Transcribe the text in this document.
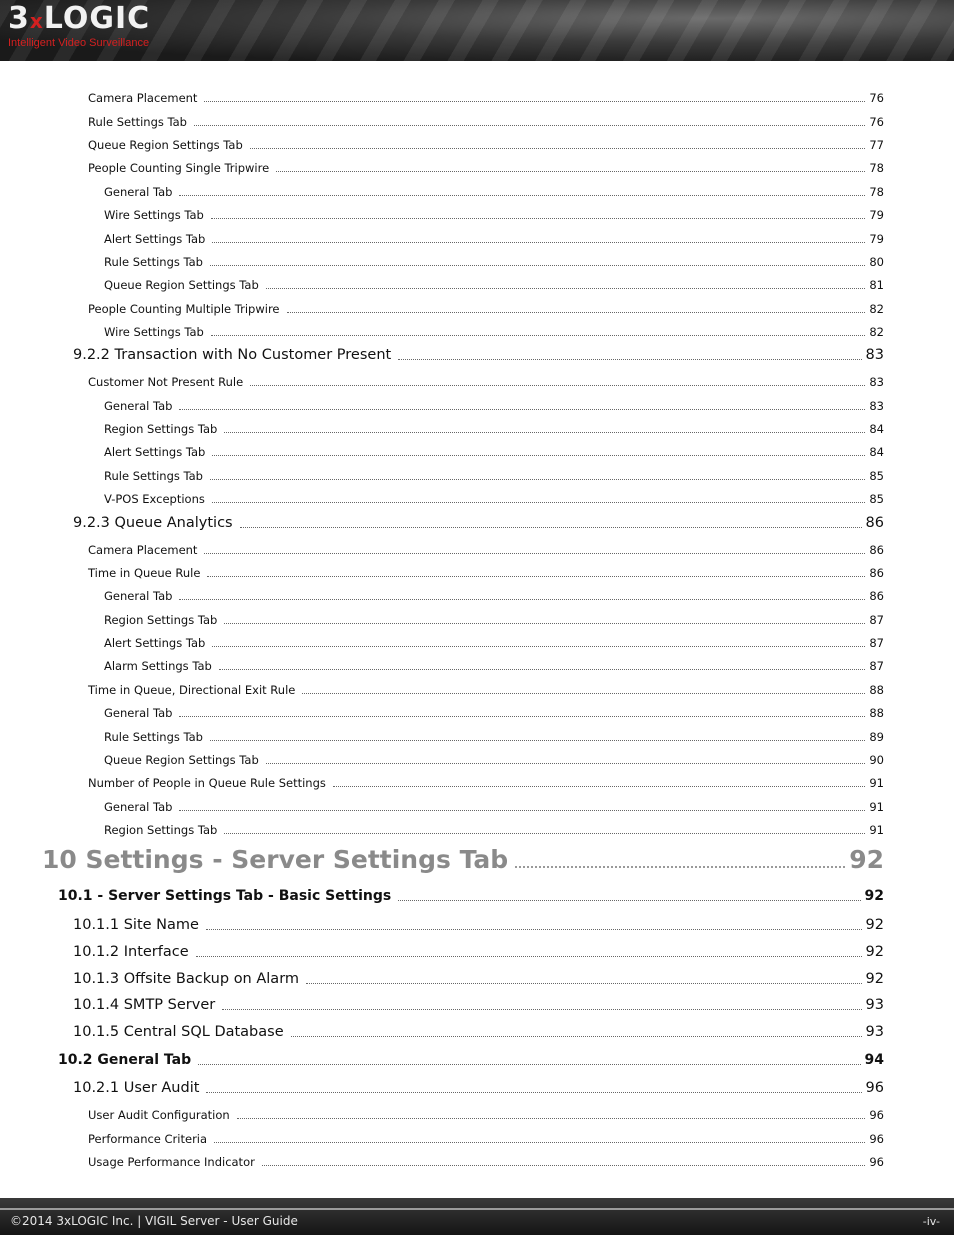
3xLOGIC
Intelligent Video Surveillance
Camera Placement	76
Rule Settings Tab	76
Queue Region Settings Tab	77
People Counting Single Tripwire	78
General Tab	78
Wire Settings Tab	79
Alert Settings Tab	79
Rule Settings Tab	80
Queue Region Settings Tab	81
People Counting Multiple Tripwire	82
Wire Settings Tab	82
9.2.2 Transaction with No Customer Present	83
Customer Not Present Rule	83
General Tab	83
Region Settings Tab	84
Alert Settings Tab	84
Rule Settings Tab	85
V-POS Exceptions	85
9.2.3 Queue Analytics	86
Camera Placement	86
Time in Queue Rule	86
General Tab	86
Region Settings Tab	87
Alert Settings Tab	87
Alarm Settings Tab	87
Time in Queue, Directional Exit Rule	88
General Tab	88
Rule Settings Tab	89
Queue Region Settings Tab	90
Number of People in Queue Rule Settings	91
General Tab	91
Region Settings Tab	91
10 Settings - Server Settings Tab	92
10.1 - Server Settings Tab - Basic Settings	92
10.1.1 Site Name	92
10.1.2 Interface	92
10.1.3 Offsite Backup on Alarm	92
10.1.4 SMTP Server	93
10.1.5 Central SQL Database	93
10.2 General Tab	94
10.2.1 User Audit	96
User Audit Configuration	96
Performance Criteria	96
Usage Performance Indicator	96
©2014 3xLOGIC Inc. | VIGIL Server - User Guide	-iv-
